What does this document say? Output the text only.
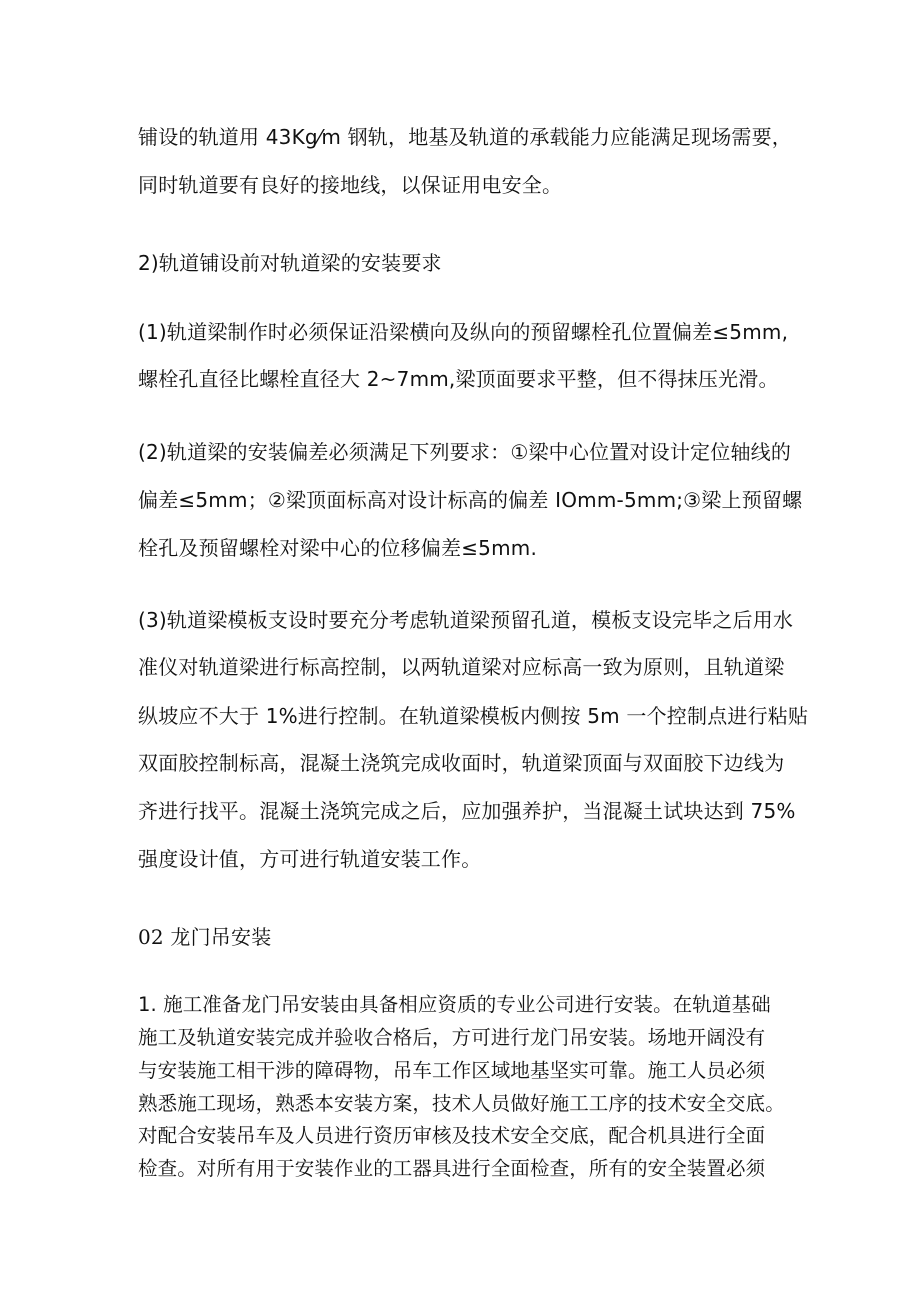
铺设的轨道用 43Kg⁄m 钢轨，地基及轨道的承载能力应能满足现场需要，
同时轨道要有良好的接地线，以保证用电安全。
2)轨道铺设前对轨道梁的安装要求
(1)轨道梁制作时必须保证沿梁横向及纵向的预留螺栓孔位置偏差≤5mm,
螺栓孔直径比螺栓直径大 2~7mm,梁顶面要求平整，但不得抹压光滑。
(2)轨道梁的安装偏差必须满足下列要求：①梁中心位置对设计定位轴线的
偏差≤5mm；②梁顶面标高对设计标高的偏差 IOmm-5mm;③梁上预留螺
栓孔及预留螺栓对梁中心的位移偏差≤5mm.
(3)轨道梁模板支设时要充分考虑轨道梁预留孔道，模板支设完毕之后用水
准仪对轨道梁进行标高控制，以两轨道梁对应标高一致为原则，且轨道梁
纵坡应不大于 1%进行控制。在轨道梁模板内侧按 5m 一个控制点进行粘贴
双面胶控制标高，混凝土浇筑完成收面时，轨道梁顶面与双面胶下边线为
齐进行找平。混凝土浇筑完成之后，应加强养护，当混凝土试块达到 75%
强度设计值，方可进行轨道安装工作。
02 龙门吊安装
1. 施工准备龙门吊安装由具备相应资质的专业公司进行安装。在轨道基础
施工及轨道安装完成并验收合格后，方可进行龙门吊安装。场地开阔没有
与安装施工相干涉的障碍物，吊车工作区域地基坚实可靠。施工人员必须
熟悉施工现场，熟悉本安装方案，技术人员做好施工工序的技术安全交底。
对配合安装吊车及人员进行资历审核及技术安全交底，配合机具进行全面
检查。对所有用于安装作业的工器具进行全面检查，所有的安全装置必须
